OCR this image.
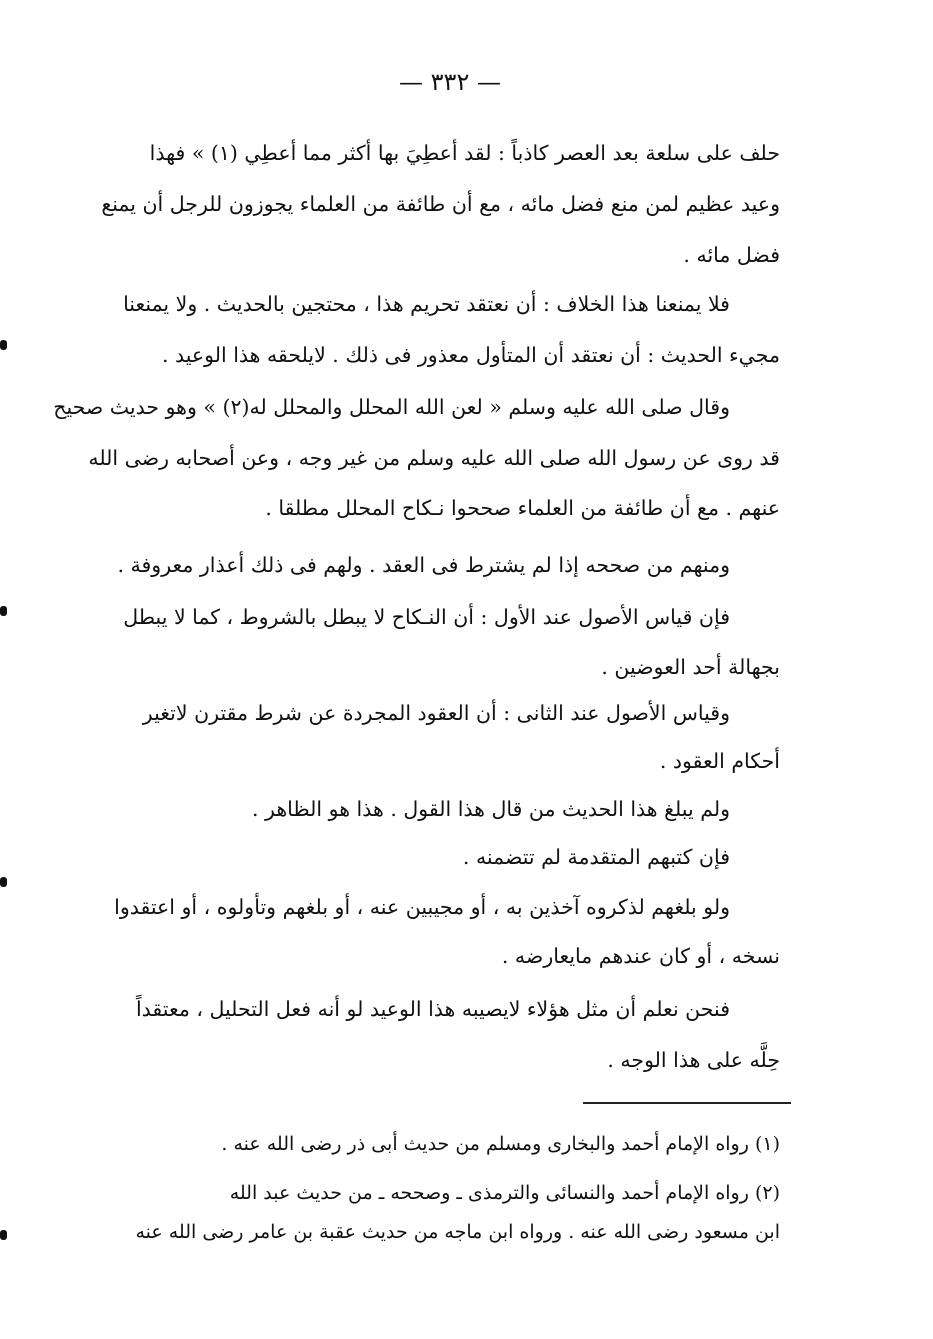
— ٣٣٢ —
حلف على سلعة بعد العصر كاذباً : لقد أعطِيَ بها أكثر مما أعطِي (١) » فهذا
وعيد عظيم لمن منع فضل مائه ، مع أن طائفة من العلماء يجوزون للرجل أن يمنع
فضل مائه .
فلا يمنعنا هذا الخلاف : أن نعتقد تحريم هذا ، محتجين بالحديث . ولا يمنعنا
مجيء الحديث : أن نعتقد أن المتأول معذور فى ذلك . لايلحقه هذا الوعيد .
وقال صلى الله عليه وسلم « لعن الله المحلل والمحلل له(٢) » وهو حديث صحيح
قد روى عن رسول الله صلى الله عليه وسلم من غير وجه ، وعن أصحابه رضى الله
عنهم . مع أن طائفة من العلماء صححوا نـكاح المحلل مطلقا .
ومنهم من صححه إذا لم يشترط فى العقد . ولهم فى ذلك أعذار معروفة .
فإن قياس الأصول عند الأول : أن النـكاح لا يبطل بالشروط ، كما لا يبطل
بجهالة أحد العوضين .
وقياس الأصول عند الثانى : أن العقود المجردة عن شرط مقترن لاتغير
أحكام العقود .
ولم يبلغ هذا الحديث من قال هذا القول . هذا هو الظاهر .
فإن كتبهم المتقدمة لم تتضمنه .
ولو بلغهم لذكروه آخذين به ، أو مجيبين عنه ، أو بلغهم وتأولوه ، أو اعتقدوا
نسخه ، أو كان عندهم مايعارضه .
فنحن نعلم أن مثل هؤلاء لايصيبه هذا الوعيد لو أنه فعل التحليل ، معتقداً
حِلَّه على هذا الوجه .
(١) رواه الإمام أحمد والبخارى ومسلم من حديث أبى ذر رضى الله عنه .
(٢) رواه الإمام أحمد والنسائى والترمذى ـ وصححه ـ من حديث عبد الله
ابن مسعود رضى الله عنه . ورواه ابن ماجه من حديث عقبة بن عامر رضى الله عنه
